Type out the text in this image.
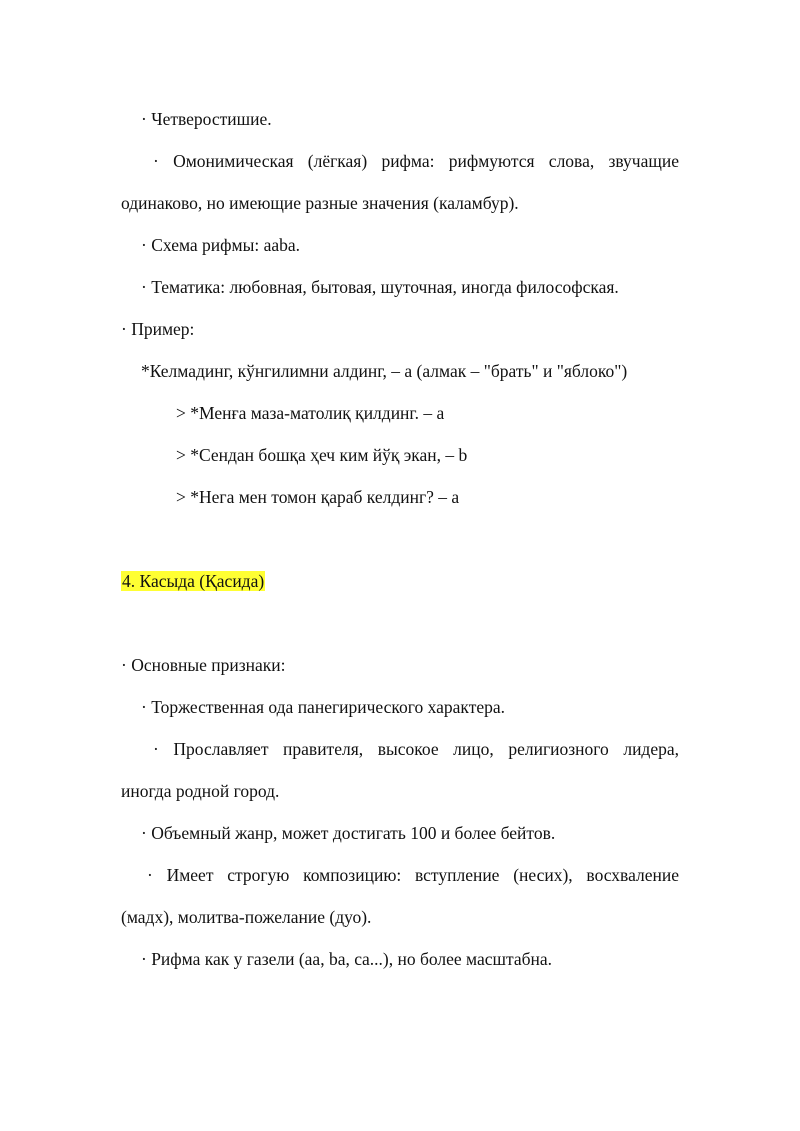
· Четверостишие.
· Омонимическая (лёгкая) рифма: рифмуются слова, звучащие
одинаково, но имеющие разные значения (каламбур).
· Схема рифмы: aaba.
· Тематика: любовная, бытовая, шуточная, иногда философская.
· Пример:
*Келмадинг, кўнгилимни алдинг, – a (алмак – "брать" и "яблоко")
> *Менға маза-матолиқ қилдинг. – a
> *Сендан бошқа ҳеч ким йўқ экан, – b
> *Нега мен томон қараб келдинг? – a
4. Касыда (Қасида)
· Основные признаки:
· Торжественная ода панегирического характера.
· Прославляет правителя, высокое лицо, религиозного лидера,
иногда родной город.
· Объемный жанр, может достигать 100 и более бейтов.
· Имеет строгую композицию: вступление (несих), восхваление
(мадх), молитва-пожелание (дуо).
· Рифма как у газели (aa, ba, ca...), но более масштабна.
